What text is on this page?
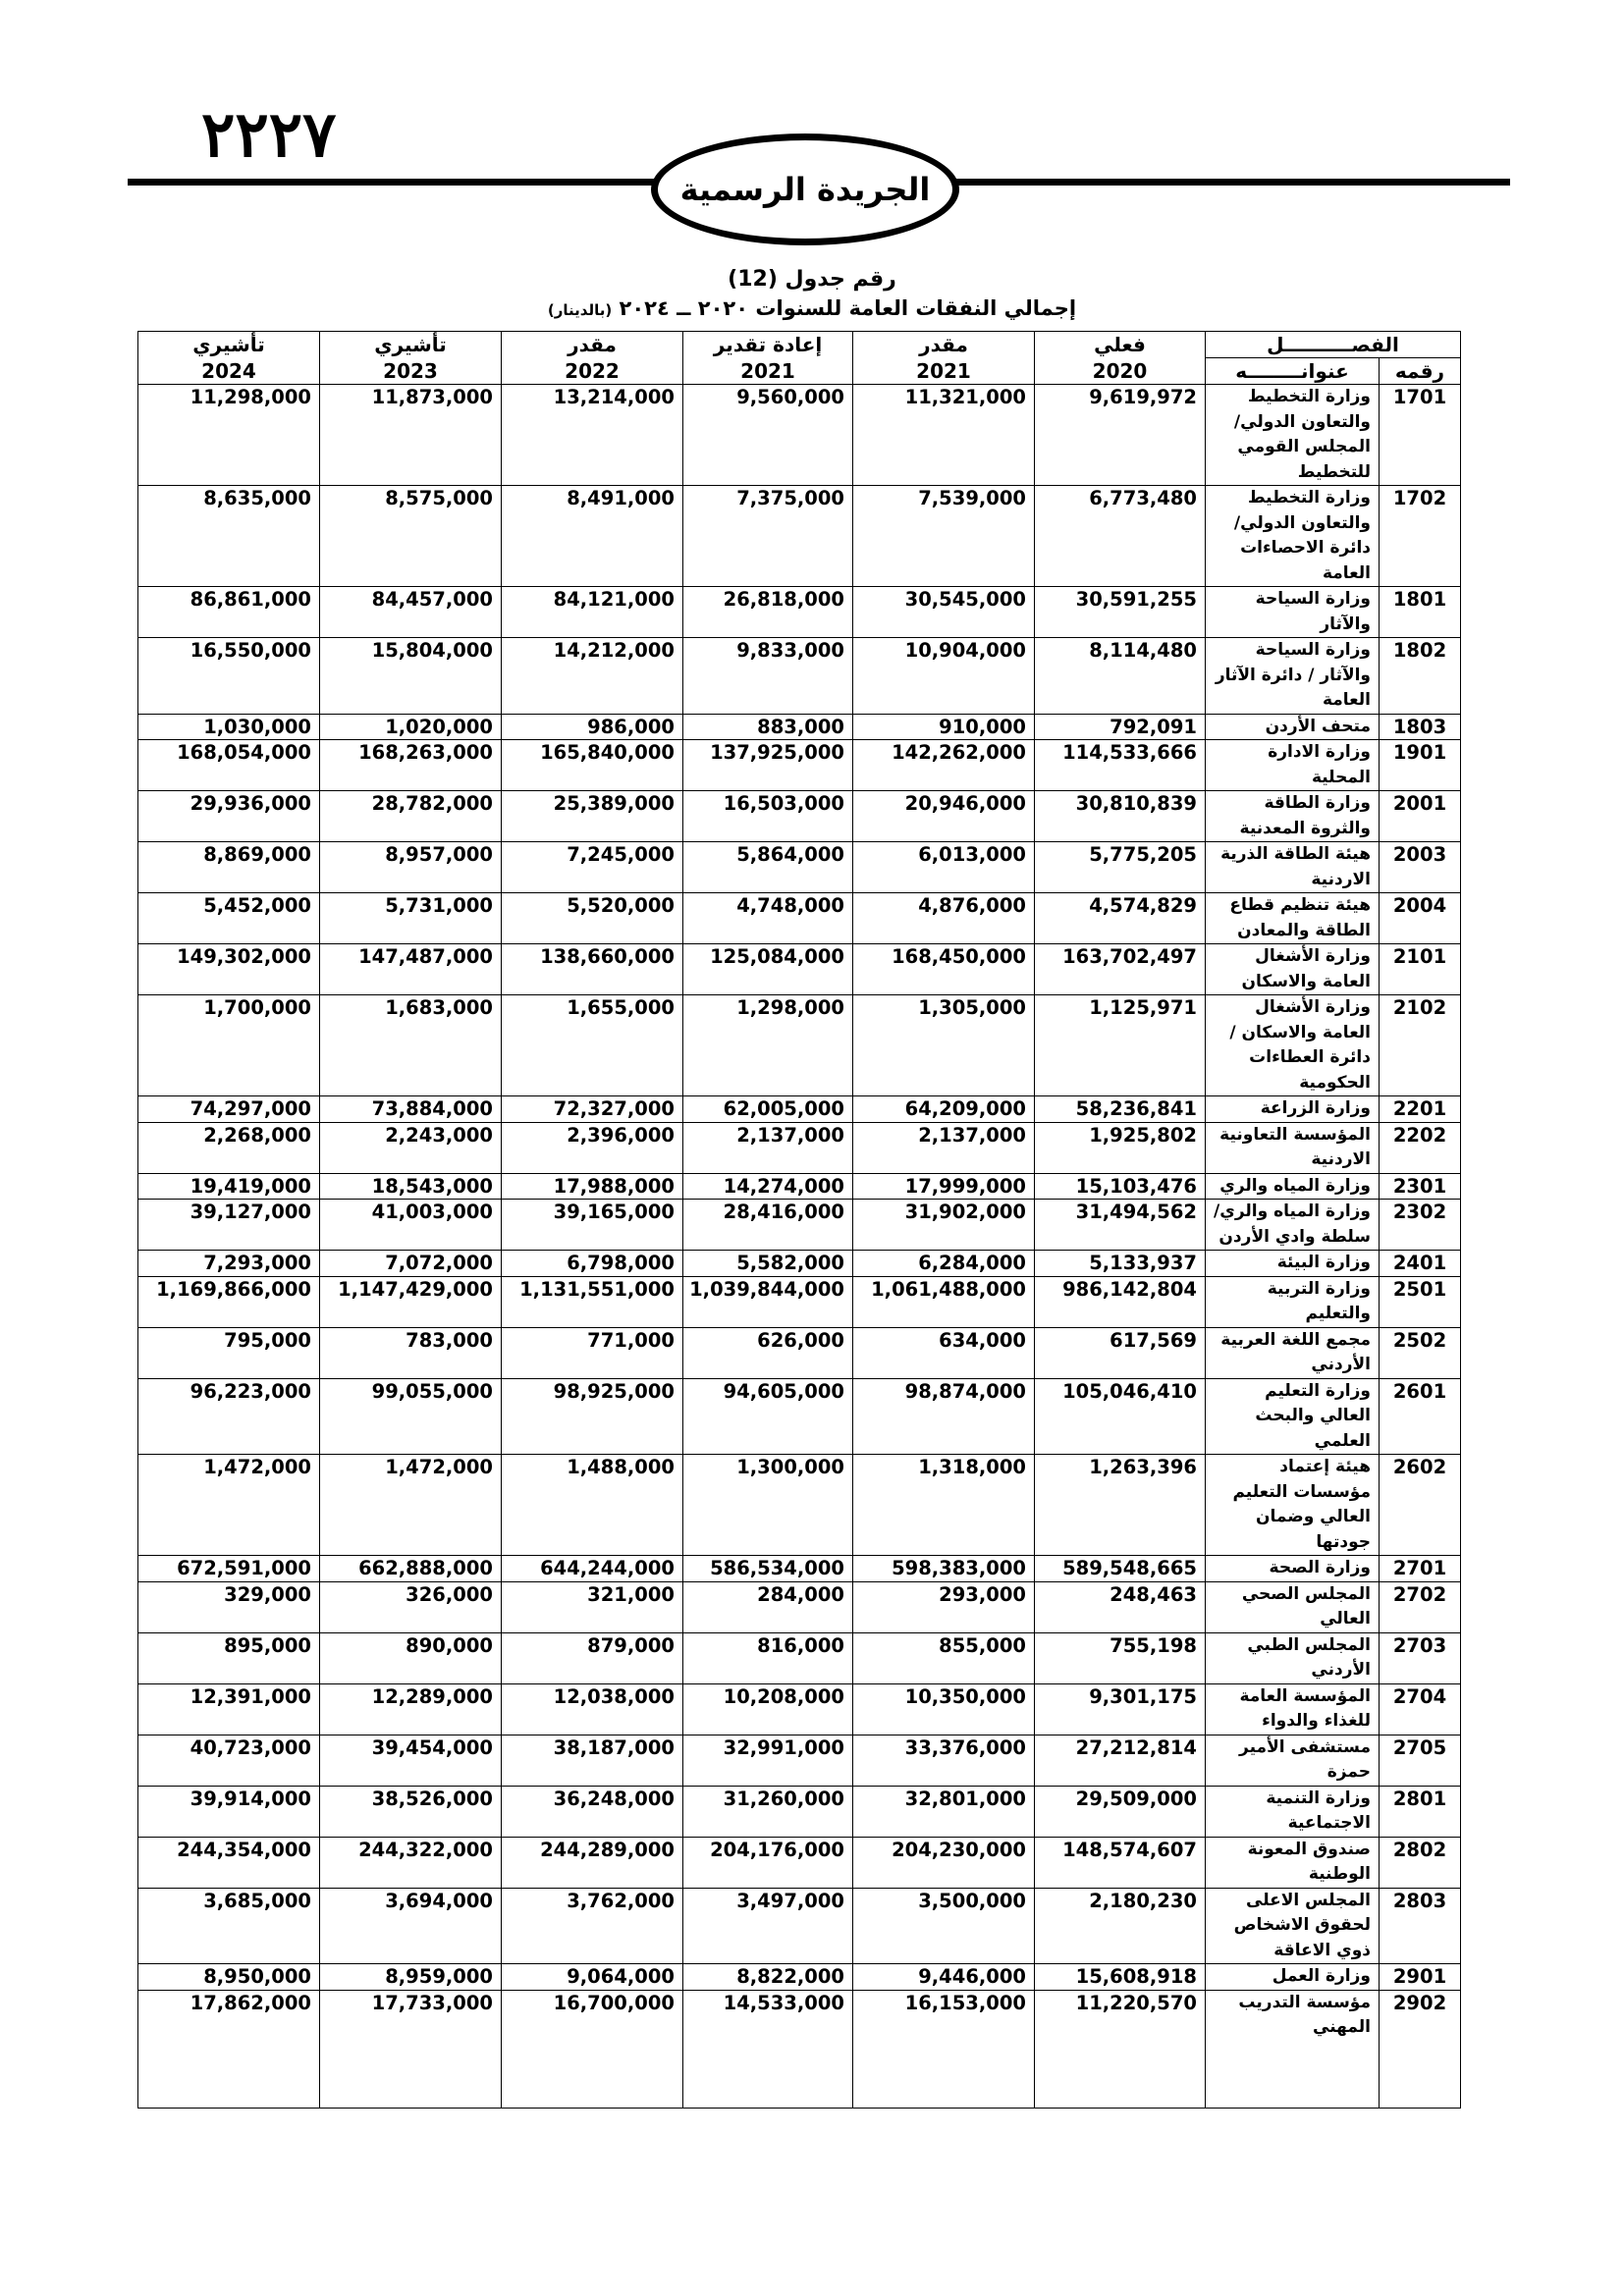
٢٢٢٧
الجريدة الرسمية
رقم جدول (12)
إجمالي النفقات العامة للسنوات ٢٠٢٠ ــ ٢٠٢٤ (بالدينار)
تأشيري	تأشيري	مقدر	إعادة تقدير	مقدر	فعلي	الفصــــــــــل	
2024	2023	2022	2021	2021	2020	عنوانــــــــه	رقمه
11,298,000	11,873,000	13,214,000	9,560,000	11,321,000	9,619,972	وزارة التخطيط والتعاون الدولي/ المجلس القومي للتخطيط	1701
8,635,000	8,575,000	8,491,000	7,375,000	7,539,000	6,773,480	وزارة التخطيط والتعاون الدولي/ دائرة الاحصاءات العامة	1702
86,861,000	84,457,000	84,121,000	26,818,000	30,545,000	30,591,255	وزارة السياحة والآثار	1801
16,550,000	15,804,000	14,212,000	9,833,000	10,904,000	8,114,480	وزارة السياحة والآثار / دائرة الآثار العامة	1802
1,030,000	1,020,000	986,000	883,000	910,000	792,091	متحف الأردن	1803
168,054,000	168,263,000	165,840,000	137,925,000	142,262,000	114,533,666	وزارة الادارة المحلية	1901
29,936,000	28,782,000	25,389,000	16,503,000	20,946,000	30,810,839	وزارة الطاقة والثروة المعدنية	2001
8,869,000	8,957,000	7,245,000	5,864,000	6,013,000	5,775,205	هيئة الطاقة الذرية الاردنية	2003
5,452,000	5,731,000	5,520,000	4,748,000	4,876,000	4,574,829	هيئة تنظيم قطاع الطاقة والمعادن	2004
149,302,000	147,487,000	138,660,000	125,084,000	168,450,000	163,702,497	وزارة الأشغال العامة والاسكان	2101
1,700,000	1,683,000	1,655,000	1,298,000	1,305,000	1,125,971	وزارة الأشغال العامة والاسكان / دائرة العطاءات الحكومية	2102
74,297,000	73,884,000	72,327,000	62,005,000	64,209,000	58,236,841	وزارة الزراعة	2201
2,268,000	2,243,000	2,396,000	2,137,000	2,137,000	1,925,802	المؤسسة التعاونية الاردنية	2202
19,419,000	18,543,000	17,988,000	14,274,000	17,999,000	15,103,476	وزارة المياه والري	2301
39,127,000	41,003,000	39,165,000	28,416,000	31,902,000	31,494,562	وزارة المياه والري/سلطة وادي الأردن	2302
7,293,000	7,072,000	6,798,000	5,582,000	6,284,000	5,133,937	وزارة البيئة	2401
1,169,866,000	1,147,429,000	1,131,551,000	1,039,844,000	1,061,488,000	986,142,804	وزارة التربية والتعليم	2501
795,000	783,000	771,000	626,000	634,000	617,569	مجمع اللغة العربية الأردني	2502
96,223,000	99,055,000	98,925,000	94,605,000	98,874,000	105,046,410	وزارة التعليم العالي والبحث العلمي	2601
1,472,000	1,472,000	1,488,000	1,300,000	1,318,000	1,263,396	هيئة إعتماد مؤسسات التعليم العالي وضمان جودتها	2602
672,591,000	662,888,000	644,244,000	586,534,000	598,383,000	589,548,665	وزارة الصحة	2701
329,000	326,000	321,000	284,000	293,000	248,463	المجلس الصحي العالي	2702
895,000	890,000	879,000	816,000	855,000	755,198	المجلس الطبي الأردني	2703
12,391,000	12,289,000	12,038,000	10,208,000	10,350,000	9,301,175	المؤسسة العامة للغذاء والدواء	2704
40,723,000	39,454,000	38,187,000	32,991,000	33,376,000	27,212,814	مستشفى الأمير حمزة	2705
39,914,000	38,526,000	36,248,000	31,260,000	32,801,000	29,509,000	وزارة التنمية الاجتماعية	2801
244,354,000	244,322,000	244,289,000	204,176,000	204,230,000	148,574,607	صندوق المعونة الوطنية	2802
3,685,000	3,694,000	3,762,000	3,497,000	3,500,000	2,180,230	المجلس الاعلى لحقوق الاشخاص ذوي الاعاقة	2803
8,950,000	8,959,000	9,064,000	8,822,000	9,446,000	15,608,918	وزارة العمل	2901
17,862,000	17,733,000	16,700,000	14,533,000	16,153,000	11,220,570	مؤسسة التدريب المهني	2902
